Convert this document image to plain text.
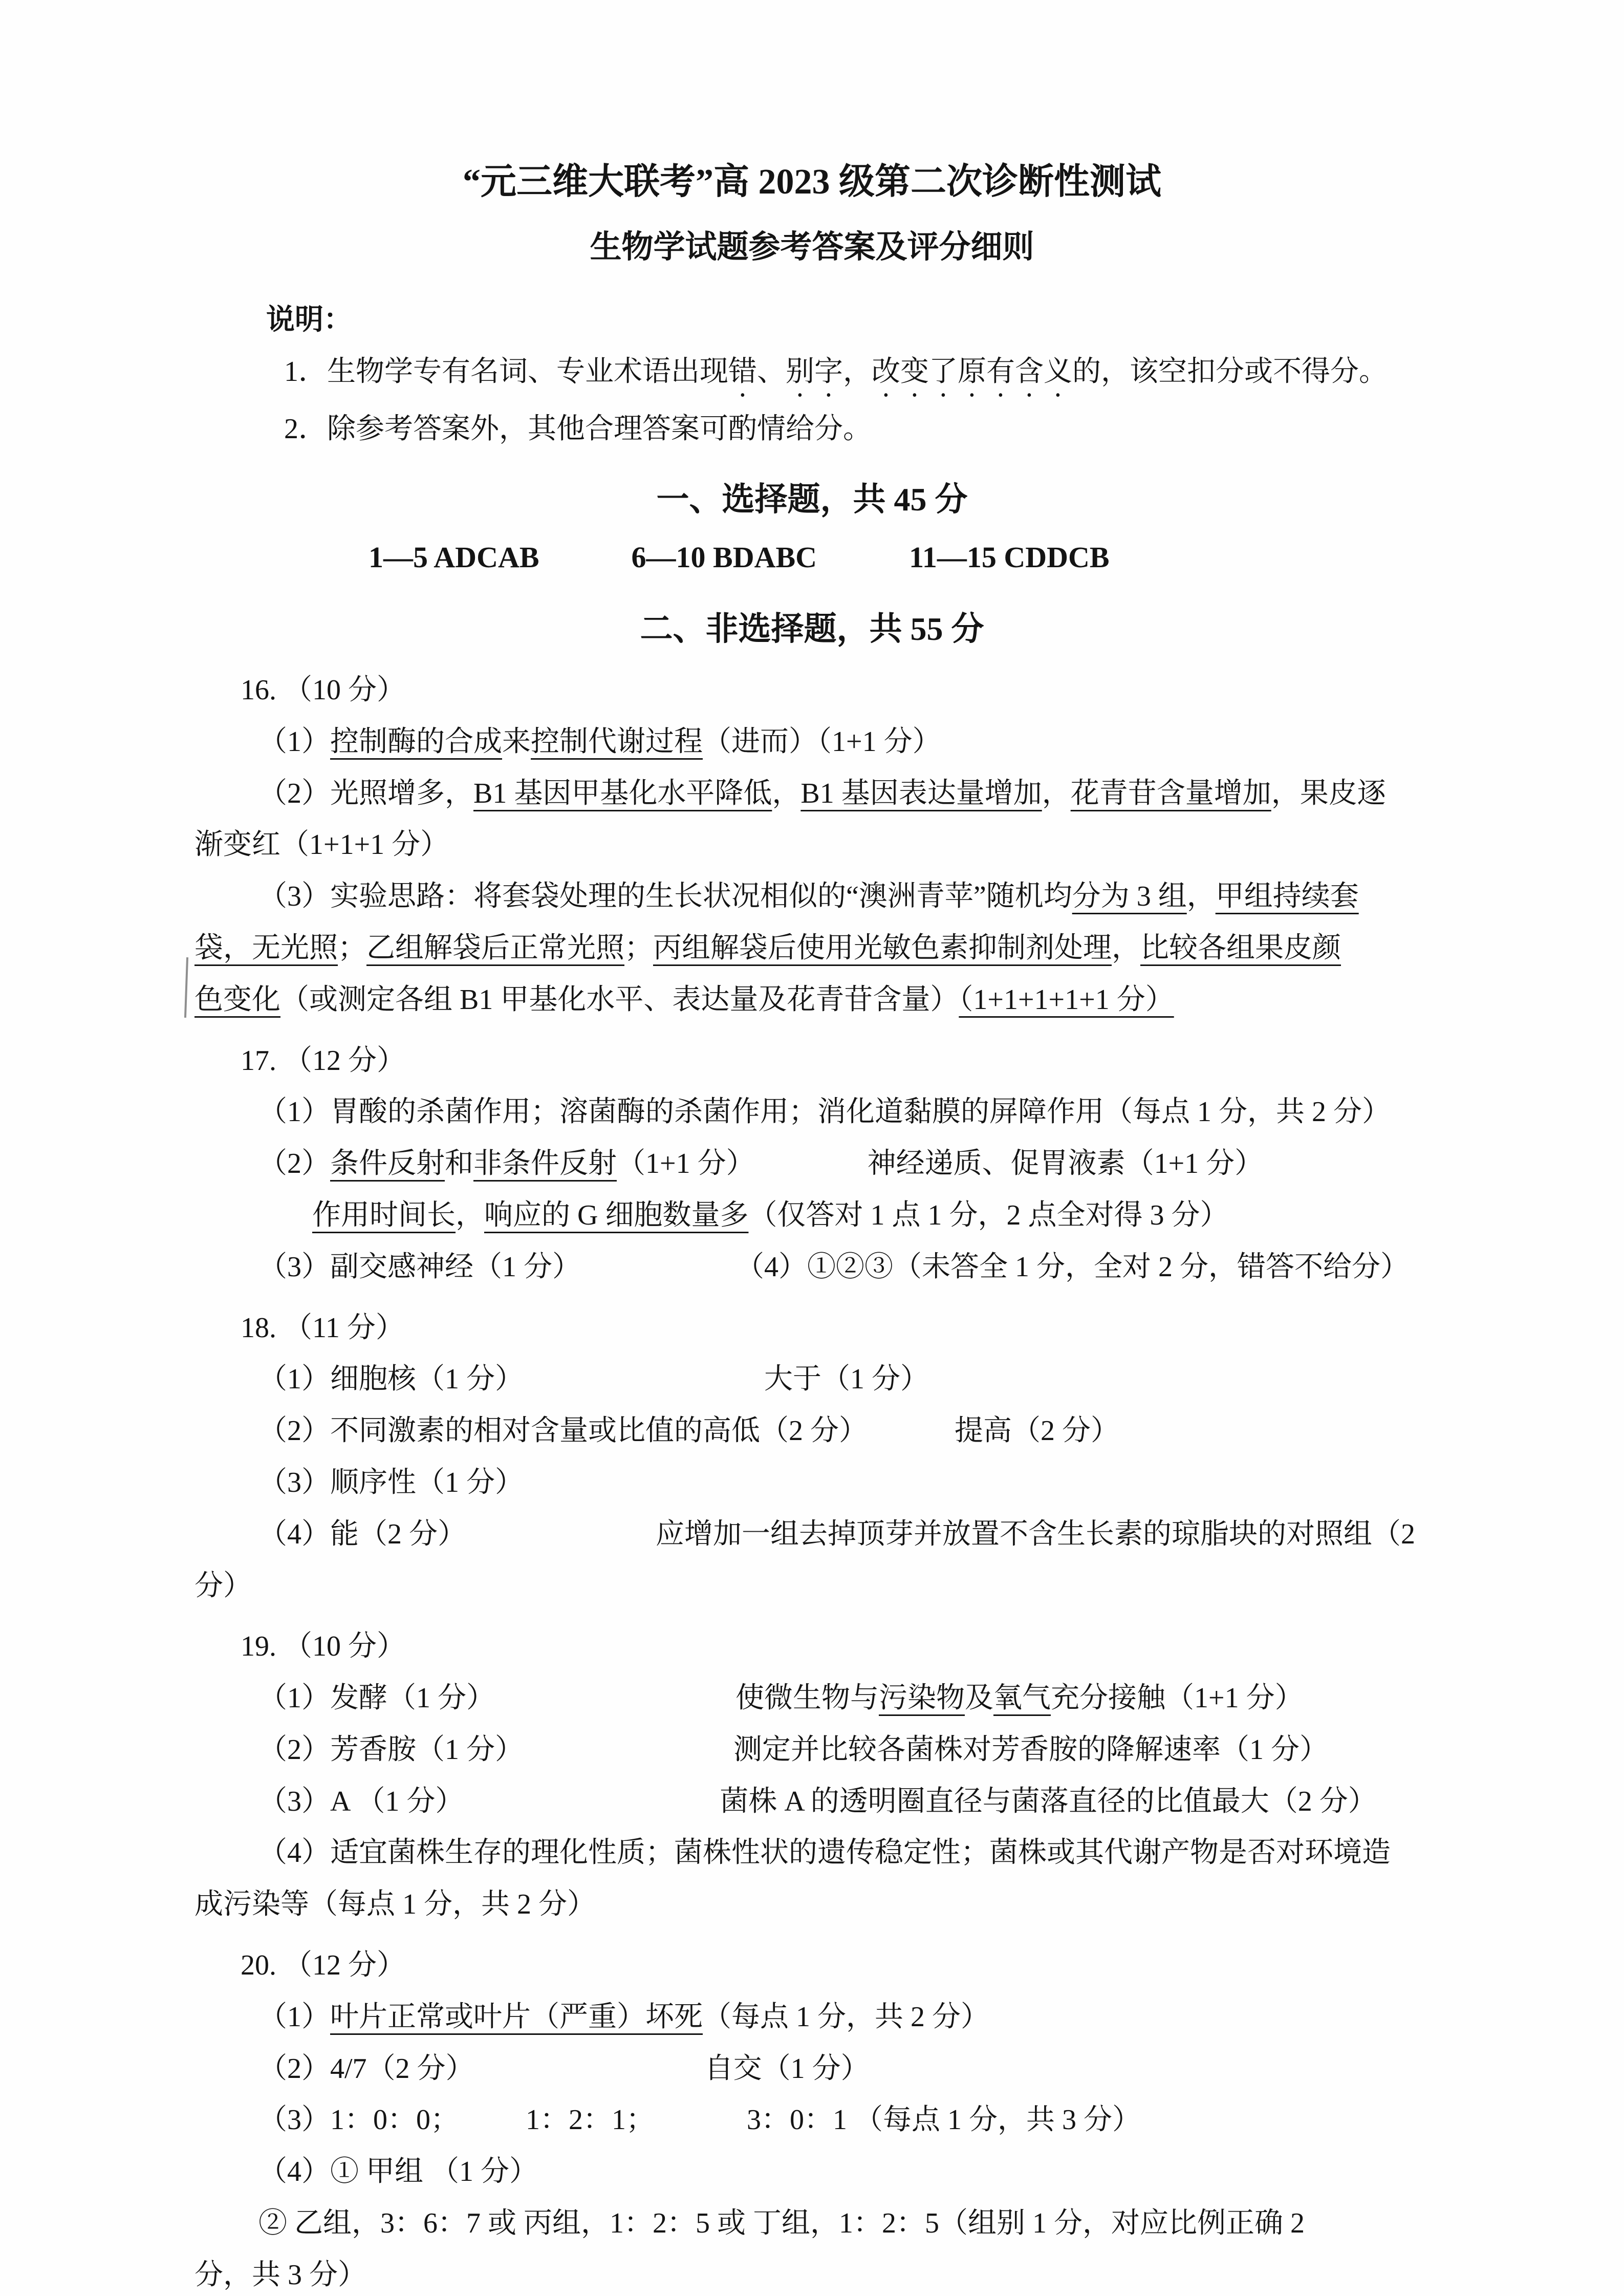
“元三维大联考”高 2023 级第二次诊断性测试
生物学试题参考答案及评分细则
说明：
1．生物学专有名词、专业术语出现错、别字，改变了原有含义的，该空扣分或不得分。
2．除参考答案外，其他合理答案可酌情给分。
一、选择题，共 45 分
1—5 ADCAB	6—10 BDABC	11—15 CDDCB
二、非选择题，共 55 分
16. （10 分）
（1）控制酶的合成来控制代谢过程（进而）（1+1 分）
（2）光照增多，B1 基因甲基化水平降低，B1 基因表达量增加，花青苷含量增加，果皮逐
渐变红（1+1+1 分）
（3）实验思路：将套袋处理的生长状况相似的“澳洲青苹”随机均分为 3 组，甲组持续套
袋，无光照；乙组解袋后正常光照；丙组解袋后使用光敏色素抑制剂处理，比较各组果皮颜
色变化（或测定各组 B1 甲基化水平、表达量及花青苷含量）（1+1+1+1+1 分）
17. （12 分）
（1）胃酸的杀菌作用；溶菌酶的杀菌作用；消化道黏膜的屏障作用（每点 1 分，共 2 分）
（2）条件反射和非条件反射（1+1 分）	神经递质、促胃液素（1+1 分）
作用时间长，响应的 G 细胞数量多（仅答对 1 点 1 分，2 点全对得 3 分）
（3）副交感神经（1 分）	（4）①②③（未答全 1 分，全对 2 分，错答不给分）
18. （11 分）
（1）细胞核（1 分）	大于（1 分）
（2）不同激素的相对含量或比值的高低（2 分）	提高（2 分）
（3）顺序性（1 分）
（4）能（2 分）	应增加一组去掉顶芽并放置不含生长素的琼脂块的对照组（2
分）
19. （10 分）
（1）发酵（1 分）	使微生物与污染物及氧气充分接触（1+1 分）
（2）芳香胺（1 分）	测定并比较各菌株对芳香胺的降解速率（1 分）
（3）A （1 分）	菌株 A 的透明圈直径与菌落直径的比值最大（2 分）
（4）适宜菌株生存的理化性质；菌株性状的遗传稳定性；菌株或其代谢产物是否对环境造
成污染等（每点 1 分，共 2 分）
20. （12 分）
（1）叶片正常或叶片（严重）坏死（每点 1 分，共 2 分）
（2）4/7（2 分）	自交（1 分）
（3）1：0：0； 1：2：1；	3：0：1 （每点 1 分，共 3 分）
（4）① 甲组 （1 分）
② 乙组，3：6：7 或 丙组，1：2：5 或 丁组，1：2：5（组别 1 分，对应比例正确 2
分，共 3 分）
